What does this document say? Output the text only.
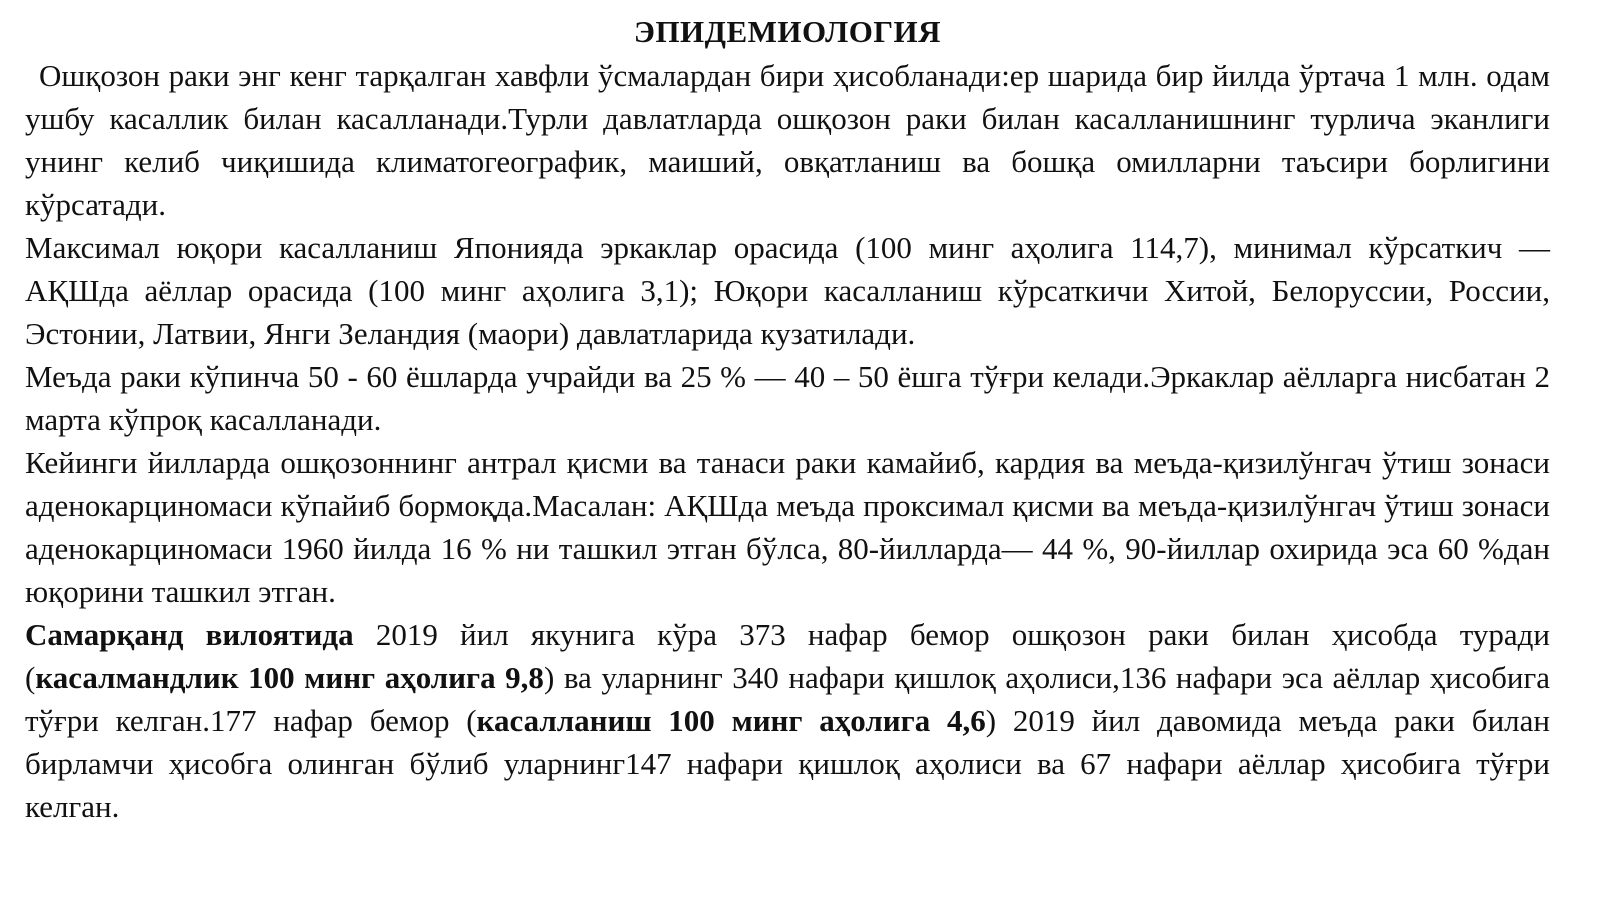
ЭПИДЕМИОЛОГИЯ

Ошқозон раки энг кенг тарқалган хавфли ўсмалардан бири ҳисобланади:ер шарида бир йилда ўртача 1 млн. одам ушбу касаллик билан касалланади.Турли давлатларда ошқозон раки билан касалланишнинг турлича эканлиги унинг келиб чиқишида климатогеографик, маиший, овқатланиш ва бошқа омилларни таъсири борлигини кўрсатади.

Максимал юқори касалланиш Японияда эркаклар орасида (100 минг аҳолига 114,7), минимал кўрсаткич — АҚШда аёллар орасида (100 минг аҳолига 3,1); Юқори касалланиш кўрсаткичи Хитой, Белоруссии, России, Эстонии, Латвии, Янги Зеландия (маори) давлатларида кузатилади.

Меъда раки кўпинча 50 - 60 ёшларда учрайди ва 25 % — 40 – 50 ёшга тўғри келади.Эркаклар аёлларга нисбатан 2 марта кўпроқ касалланади.

Кейинги йилларда ошқозоннинг антрал қисми ва танаси раки камайиб, кардия ва меъда-қизилўнгач ўтиш зонаси аденокарциномаси кўпайиб бормоқда.Масалан: АҚШда меъда проксимал қисми ва меъда-қизилўнгач ўтиш зонаси аденокарциномаси 1960 йилда 16 % ни ташкил этган бўлса, 80-йилларда— 44 %, 90-йиллар охирида эса 60 %дан юқорини ташкил этган.

Самарқанд вилоятида 2019 йил якунига кўра 373 нафар бемор ошқозон раки билан ҳисобда туради (касалмандлик 100 минг аҳолига 9,8) ва уларнинг 340 нафари қишлоқ аҳолиси,136 нафари эса аёллар ҳисобига тўғри келган.177 нафар бемор (касалланиш 100 минг аҳолига 4,6) 2019 йил давомида меъда раки билан бирламчи ҳисобга олинган бўлиб уларнинг147 нафари қишлоқ аҳолиси ва 67 нафари аёллар ҳисобига тўғри келган.
